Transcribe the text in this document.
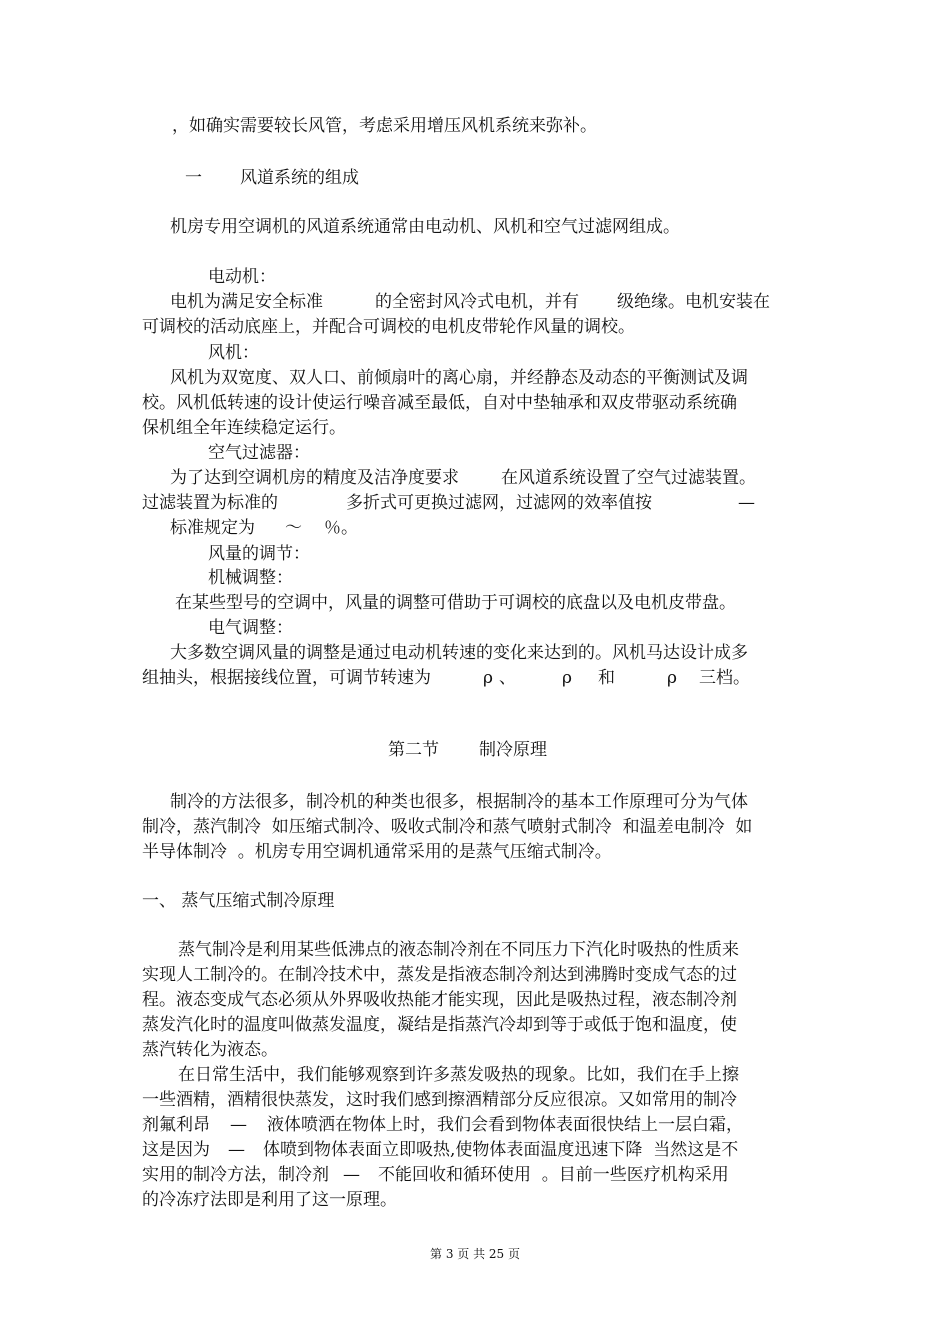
，如确实需要较长风管，考虑采用增压风机系统来弥补。
一 风道系统的组成
机房专用空调机的风道系统通常由电动机、风机和空气过滤网组成。
电动机：
电机为满足安全标准	的全密封风冷式电机，并有 级绝缘。电机安装在
可调校的活动底座上，并配合可调校的电机皮带轮作风量的调校。
风机：
风机为双宽度、双人口、前倾扇叶的离心扇，并经静态及动态的平衡测试及调
校。风机低转速的设计使运行噪音减至最低，自对中垫轴承和双皮带驱动系统确
保机组全年连续稳定运行。
空气过滤器：
为了达到空调机房的精度及洁净度要求 在风道系统设置了空气过滤装置。
过滤装置为标准的	多折式可更换过滤网，过滤网的效率值按	—
标准规定为 ～ ％。
风量的调节：
机械调整：
在某些型号的空调中，风量的调整可借助于可调校的底盘以及电机皮带盘。
电气调整：
大多数空调风量的调整是通过电动机转速的变化来达到的。风机马达设计成多
组抽头，根据接线位置，可调节转速为	ρ 、	ρ 和	ρ 三档。
第二节 制冷原理
制冷的方法很多，制冷机的种类也很多，根据制冷的基本工作原理可分为气体
制冷，蒸汽制冷  如压缩式制冷、吸收式制冷和蒸气喷射式制冷  和温差电制冷  如
半导体制冷  。机房专用空调机通常采用的是蒸气压缩式制冷。
一、 蒸气压缩式制冷原理
蒸气制冷是利用某些低沸点的液态制冷剂在不同压力下汽化时吸热的性质来
实现人工制冷的。在制冷技术中，蒸发是指液态制冷剂达到沸腾时变成气态的过
程。液态变成气态必须从外界吸收热能才能实现，因此是吸热过程，液态制冷剂
蒸发汽化时的温度叫做蒸发温度，凝结是指蒸汽冷却到等于或低于饱和温度，使
蒸汽转化为液态。
在日常生活中，我们能够观察到许多蒸发吸热的现象。比如，我们在手上擦
一些酒精，酒精很快蒸发，这时我们感到擦酒精部分反应很凉。又如常用的制冷
剂氟利昂 — 液体喷洒在物体上时，我们会看到物体表面很快结上一层白霜，
这是因为 — 体喷到物体表面立即吸热,使物体表面温度迅速下降  当然这是不
实用的制冷方法，制冷剂 — 不能回收和循环使用  。目前一些医疗机构采用
的冷冻疗法即是利用了这一原理。
第 3 页 共 25 页
